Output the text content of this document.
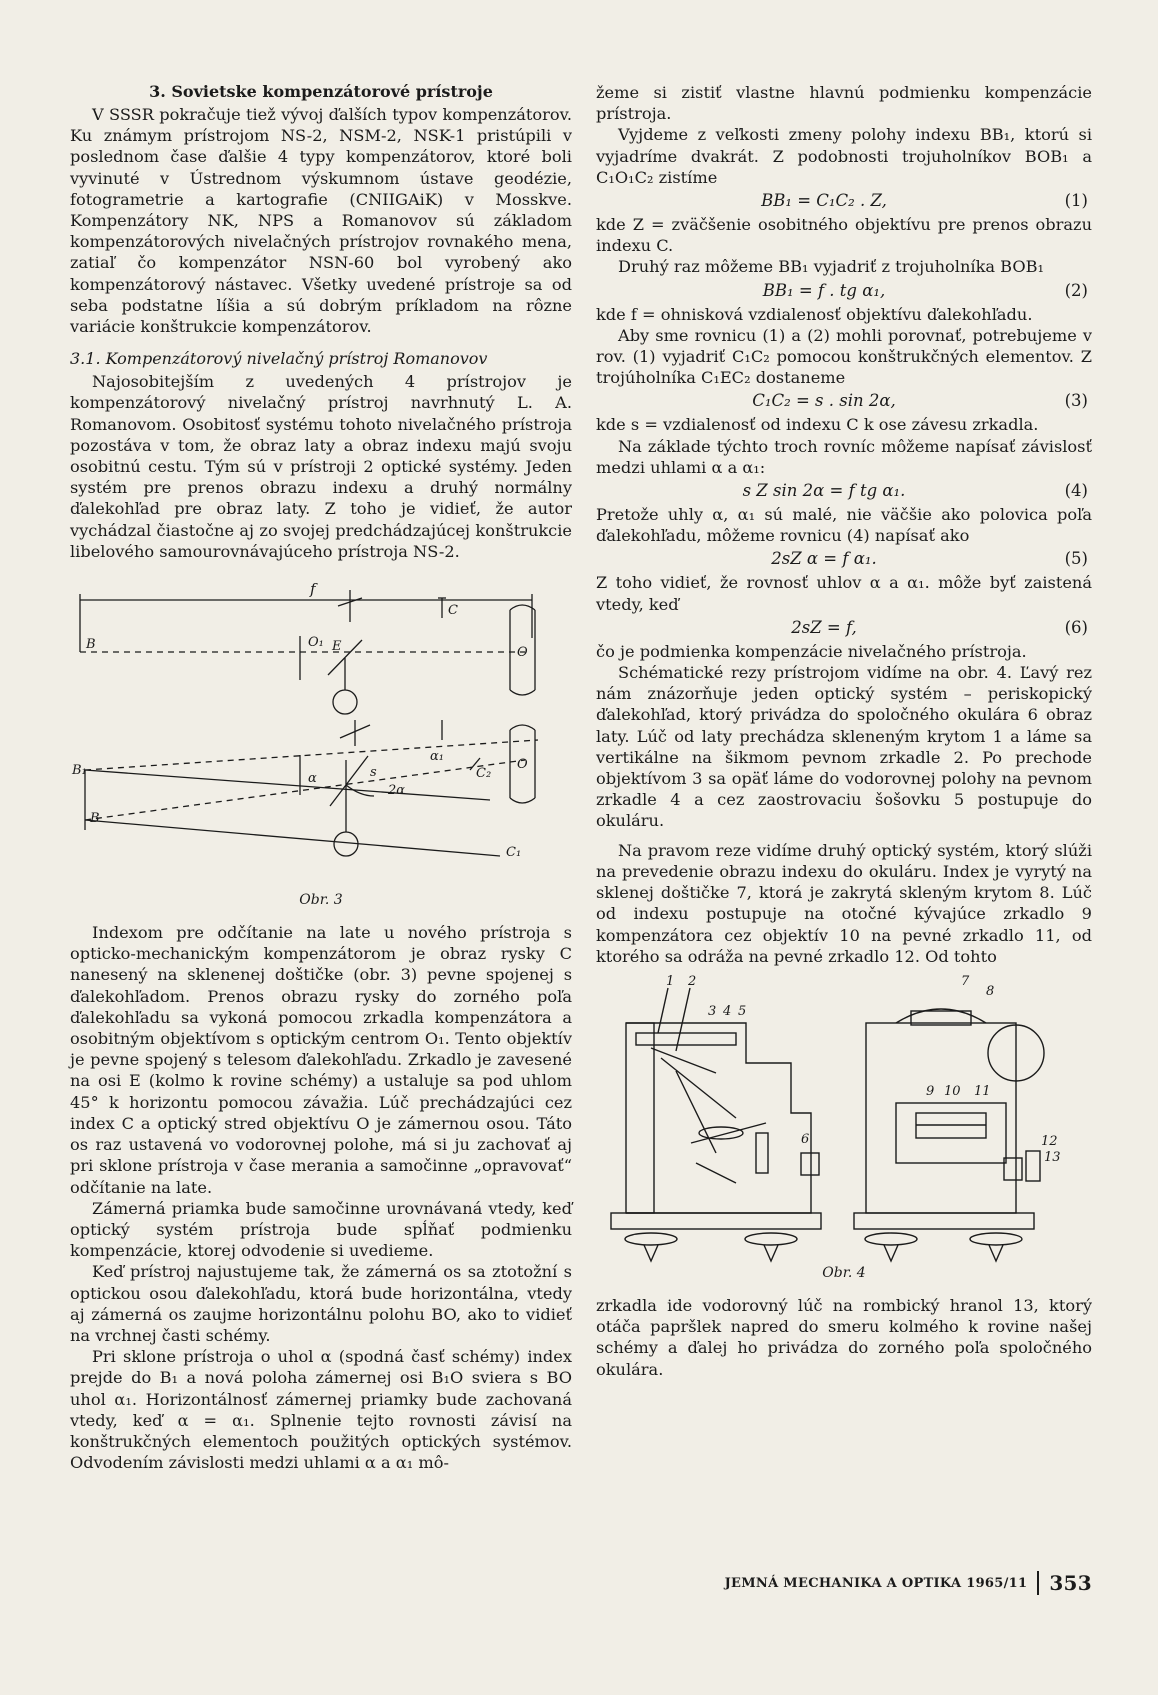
3. Sovietske kompenzátorové prístroje

V SSSR pokračuje tiež vývoj ďalších typov kompenzátorov. Ku známym prístrojom NS-2, NSM-2, NSK-1 pristúpili v poslednom čase ďalšie 4 typy kompenzátorov, ktoré boli vyvinuté v Ústrednom výskumnom ústave geodézie, fotogrametrie a kartografie (CNIIGAiK) v Mosskve. Kompenzátory NK, NPS a Romanovov sú základom kompenzátorových nivelačných prístrojov rovnakého mena, zatiaľ čo kompenzátor NSN-60 bol vyrobený ako kompenzátorový nástavec. Všetky uvedené prístroje sa od seba podstatne líšia a sú dobrým príkladom na rôzne variácie konštrukcie kompenzátorov.

3.1. Kompenzátorový nivelačný prístroj Romanovov

Najosobitejším z uvedených 4 prístrojov je kompenzátorový nivelačný prístroj navrhnutý L. A. Romanovom. Osobitosť systému tohoto nivelačného prístroja pozostáva v tom, že obraz laty a obraz indexu majú svoju osobitnú cestu. Tým sú v prístroji 2 optické systémy. Jeden systém pre prenos obrazu indexu a druhý normálny ďalekohľad pre obraz laty. Z toho je vidieť, že autor vychádzal čiastočne aj zo svojej predchádzajúcej konštrukcie libelového samourovnávajúceho prístroja NS-2.

f
O
B
C
O₁ E
B₁
B
O
C₂
C₁
α
α₁
2α
s
Obr. 3

Indexom pre odčítanie na late u nového prístroja s opticko-mechanickým kompenzátorom je obraz rysky C nanesený na sklenenej doštičke (obr. 3) pevne spojenej s ďalekohľadom. Prenos obrazu rysky do zorného poľa ďalekohľadu sa vykoná pomocou zrkadla kompenzátora a osobitným objektívom s optickým centrom O₁. Tento objektív je pevne spojený s telesom ďalekohľadu. Zrkadlo je zavesené na osi E (kolmo k rovine schémy) a ustaluje sa pod uhlom 45° k horizontu pomocou závažia. Lúč prechádzajúci cez index C a optický stred objektívu O je zámernou osou. Táto os raz ustavená vo vodorovnej polohe, má si ju zachovať aj pri sklone prístroja v čase merania a samočinne „opravovať“ odčítanie na late.

Zámerná priamka bude samočinne urovnávaná vtedy, keď optický systém prístroja bude spĺňať podmienku kompenzácie, ktorej odvodenie si uvedieme.

Keď prístroj najustujeme tak, že zámerná os sa ztotožní s optickou osou ďalekohľadu, ktorá bude horizontálna, vtedy aj zámerná os zaujme horizontálnu polohu BO, ako to vidieť na vrchnej časti schémy.

Pri sklone prístroja o uhol α (spodná časť schémy) index prejde do B₁ a nová poloha zámernej osi B₁O sviera s BO uhol α₁. Horizontálnosť zámernej priamky bude zachovaná vtedy, keď α = α₁. Splnenie tejto rovnosti závisí na konštrukčných elementoch použitých optických systémov. Odvodením závislosti medzi uhlami α a α₁ mô-

žeme si zistiť vlastne hlavnú podmienku kompenzácie prístroja.

Vyjdeme z veľkosti zmeny polohy indexu BB₁, ktorú si vyjadríme dvakrát. Z podobnosti trojuholníkov BOB₁ a C₁O₁C₂ zistíme

BB₁ = C₁C₂ . Z,	(1)

kde Z = zväčšenie osobitného objektívu pre prenos obrazu indexu C.

Druhý raz môžeme BB₁ vyjadriť z trojuholníka BOB₁

BB₁ = f . tg α₁,	(2)

kde f = ohnisková vzdialenosť objektívu ďalekohľadu.

Aby sme rovnicu (1) a (2) mohli porovnať, potrebujeme v rov. (1) vyjadriť C₁C₂ pomocou konštrukčných elementov. Z trojúholníka C₁EC₂ dostaneme

C₁C₂ = s . sin 2α,	(3)

kde s = vzdialenosť od indexu C k ose závesu zrkadla.

Na základe týchto troch rovníc môžeme napísať závislosť medzi uhlami α a α₁:

s Z sin 2α = f tg α₁.	(4)

Pretože uhly α, α₁ sú malé, nie väčšie ako polovica poľa ďalekohľadu, môžeme rovnicu (4) napísať ako

2sZ α = f α₁.	(5)

Z toho vidieť, že rovnosť uhlov α a α₁. môže byť zaistená vtedy, keď

2sZ = f,	(6)

čo je podmienka kompenzácie nivelačného prístroja.

Schématické rezy prístrojom vidíme na obr. 4. Ľavý rez nám znázorňuje jeden optický systém – periskopický ďalekohľad, ktorý privádza do spoločného okulára 6 obraz laty. Lúč od laty prechádza skleneným krytom 1 a láme sa vertikálne na šikmom pevnom zrkadle 2. Po prechode objektívom 3 sa opäť láme do vodorovnej polohy na pevnom zrkadle 4 a cez zaostrovaciu šošovku 5 postupuje do okuláru.

Na pravom reze vidíme druhý optický systém, ktorý slúži na prevedenie obrazu indexu do okuláru. Index je vyrytý na sklenej doštičke 7, ktorá je zakrytá skleným krytom 8. Lúč od indexu postupuje na otočné kývajúce zrkadlo 9 kompenzátora cez objektív 10 na pevné zrkadlo 11, od ktorého sa odráža na pevné zrkadlo 12. Od tohto

1 2
3 4 5
6
7
8
9 10 11
12
13
Obr. 4

zrkadla ide vodorovný lúč na rombický hranol 13, ktorý otáča papršlek napred do smeru kolmého k rovine našej schémy a ďalej ho privádza do zorného poľa spoločného okulára.

JEMNÁ MECHANIKA A OPTIKA 1965/11 353
